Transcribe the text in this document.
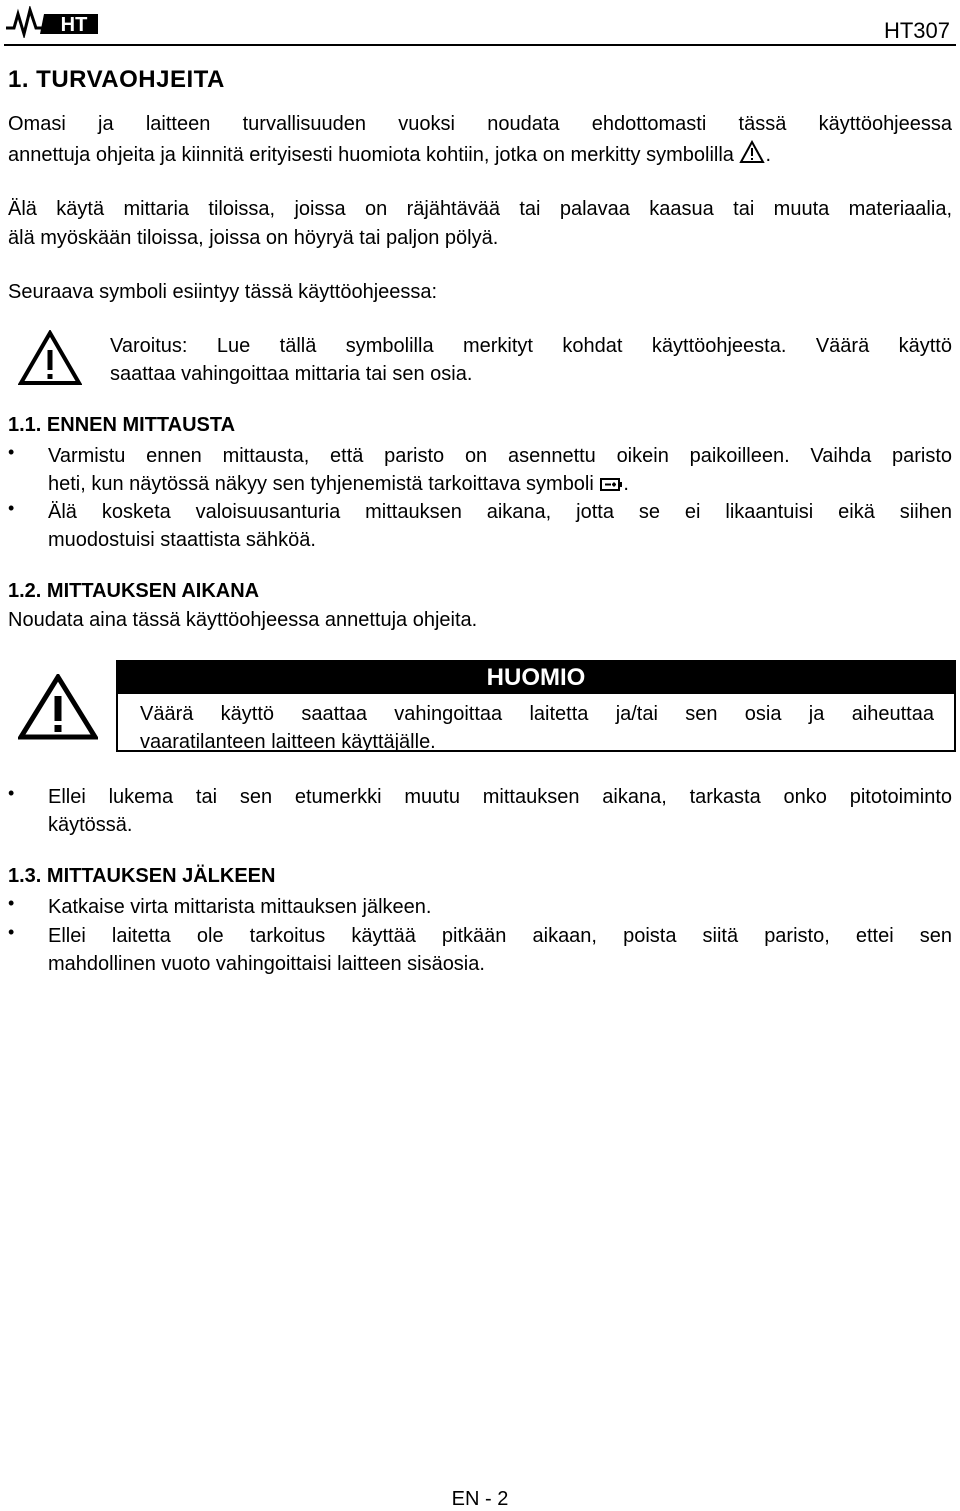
HT	HT307
1. TURVAOHJEITA
Omasi ja laitteen turvallisuuden vuoksi noudata ehdottomasti tässä käyttöohjeessa
annettuja ohjeita ja kiinnitä erityisesti huomiota kohtiin, jotka on merkitty symbolilla .
Älä käytä mittaria tiloissa, joissa on räjähtävää tai palavaa kaasua tai muuta materiaalia,
älä myöskään tiloissa, joissa on höyryä tai paljon pölyä.
Seuraava symboli esiintyy tässä käyttöohjeessa:
Varoitus: Lue tällä symbolilla merkityt kohdat käyttöohjeesta. Väärä käyttö
saattaa vahingoittaa mittaria tai sen osia.
1.1. ENNEN MITTAUSTA
• Varmistu ennen mittausta, että paristo on asennettu oikein paikoilleen. Vaihda paristo
heti, kun näytössä näkyy sen tyhjenemistä tarkoittava symboli .
• Älä kosketa valoisuusanturia mittauksen aikana, jotta se ei likaantuisi eikä siihen
muodostuisi staattista sähköä.
1.2. MITTAUKSEN AIKANA
Noudata aina tässä käyttöohjeessa annettuja ohjeita.
HUOMIO
Väärä käyttö saattaa vahingoittaa laitetta ja/tai sen osia ja aiheuttaa
vaaratilanteen laitteen käyttäjälle.
• Ellei lukema tai sen etumerkki muutu mittauksen aikana, tarkasta onko pitotoiminto
käytössä.
1.3. MITTAUKSEN JÄLKEEN
• Katkaise virta mittarista mittauksen jälkeen.
• Ellei laitetta ole tarkoitus käyttää pitkään aikaan, poista siitä paristo, ettei sen
mahdollinen vuoto vahingoittaisi laitteen sisäosia.
EN - 2
